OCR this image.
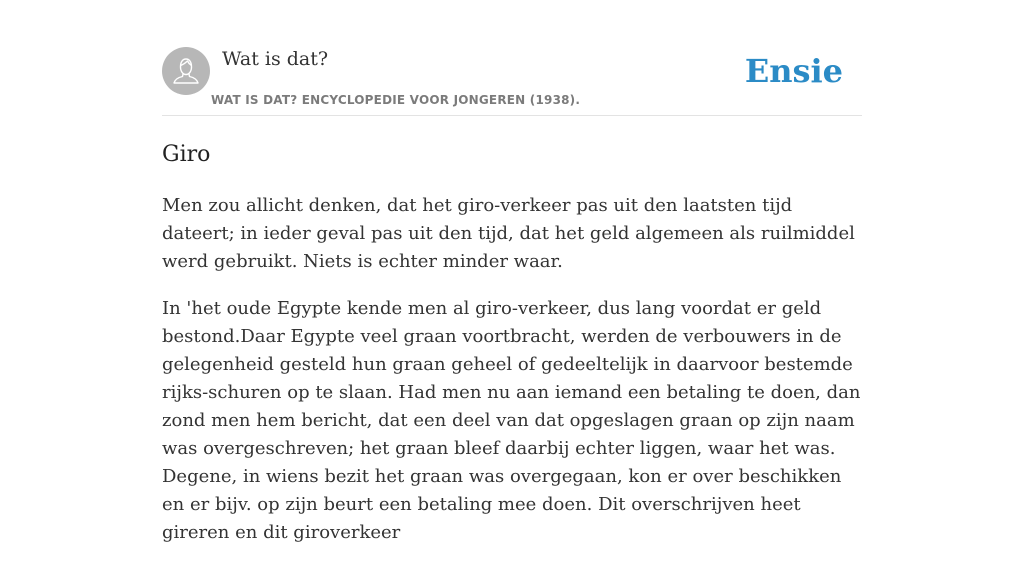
Wat is dat?
WAT IS DAT? ENCYCLOPEDIE VOOR JONGEREN (1938).
Ensie
Giro

Men zou allicht denken, dat het giro-verkeer pas uit den laatsten tijd dateert; in ieder geval pas uit den tijd, dat het geld algemeen als ruilmiddel werd gebruikt. Niets is echter minder waar.

In 'het oude Egypte kende men al giro-verkeer, dus lang voordat er geld bestond.Daar Egypte veel graan voortbracht, werden de verbouwers in de gelegenheid gesteld hun graan geheel of gedeeltelijk in daarvoor bestemde rijks-schuren op te slaan. Had men nu aan iemand een betaling te doen, dan zond men hem bericht, dat een deel van dat opgeslagen graan op zijn naam was overgeschreven; het graan bleef daarbij echter liggen, waar het was. Degene, in wiens bezit het graan was overgegaan, kon er over beschikken en er bijv. op zijn beurt een betaling mee doen. Dit overschrijven heet gireren en dit giroverkeer
